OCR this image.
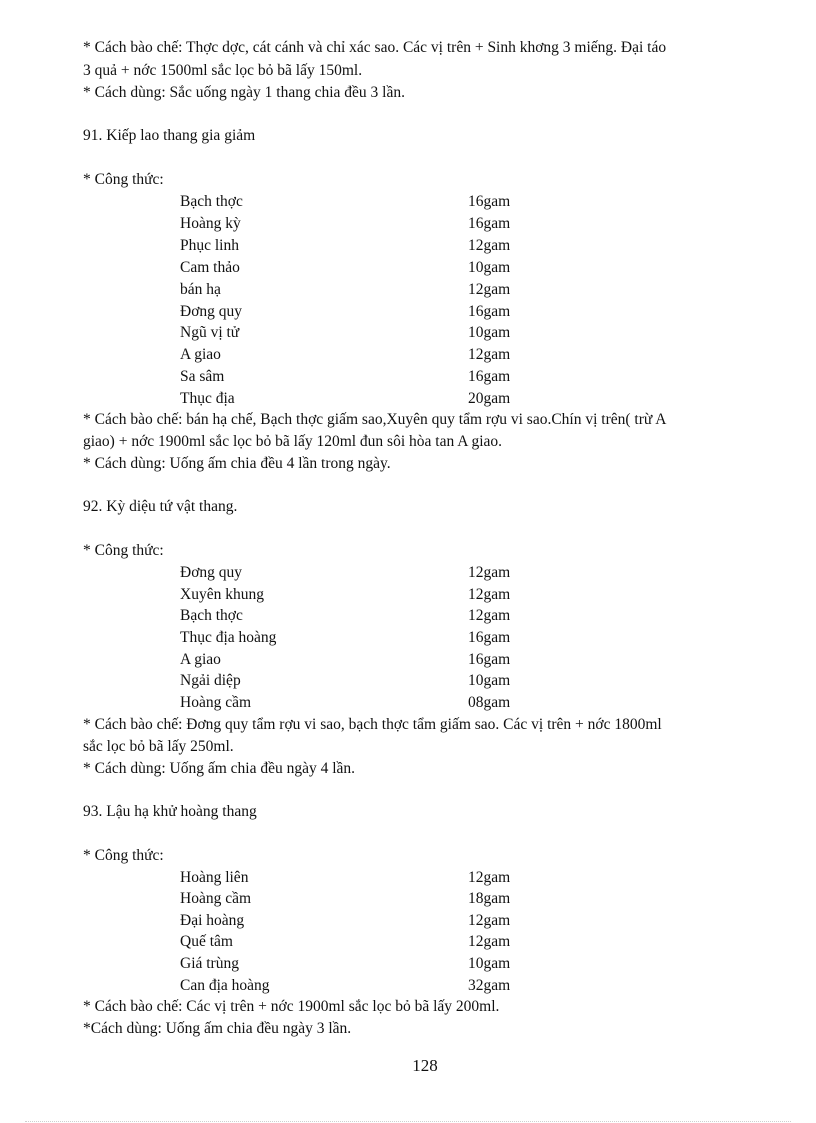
* Cách bào chế: Thợc dợc, cát cánh và chỉ xác sao. Các vị trên + Sinh khơng 3 miếng. Đại táo
3 quả + nớc 1500ml sắc lọc bỏ bã lấy 150ml.
* Cách dùng: Sắc uống ngày 1 thang chia đều 3 lần.
91. Kiếp lao thang gia giảm
* Công thức:
Bạch thợc	16gam
Hoàng kỳ	16gam
Phục linh	12gam
Cam thảo	10gam
bán hạ	12gam
Đơng quy	16gam
Ngũ vị tử	10gam
A giao	12gam
Sa sâm	16gam
Thục địa	20gam
* Cách bào chế: bán hạ chế, Bạch thợc giấm sao,Xuyên quy tẩm rợu vi sao.Chín vị trên( trừ A
giao) + nớc 1900ml sắc lọc bỏ bã lấy 120ml đun sôi hòa tan A giao.
* Cách dùng: Uống ấm chia đều 4 lần trong ngày.
92. Kỳ diệu tứ vật thang.
* Công thức:
Đơng quy	12gam
Xuyên khung	12gam
Bạch thợc	12gam
Thục địa hoàng	16gam
A giao	16gam
Ngải diệp	10gam
Hoàng cầm	08gam
* Cách bào chế: Đơng quy tẩm rợu vi sao, bạch thợc tẩm giấm sao. Các vị trên + nớc 1800ml
sắc lọc bỏ bã lấy 250ml.
* Cách dùng: Uống ấm chia đều ngày 4 lần.
93. Lậu hạ khử hoàng thang
* Công thức:
Hoàng liên	12gam
Hoàng cầm	18gam
Đại hoàng	12gam
Quế tâm	12gam
Giá trùng	10gam
Can địa hoàng	32gam
* Cách bào chế: Các vị trên + nớc 1900ml sắc lọc bỏ bã lấy 200ml.
*Cách dùng: Uống ấm chia đều ngày 3 lần.
128
